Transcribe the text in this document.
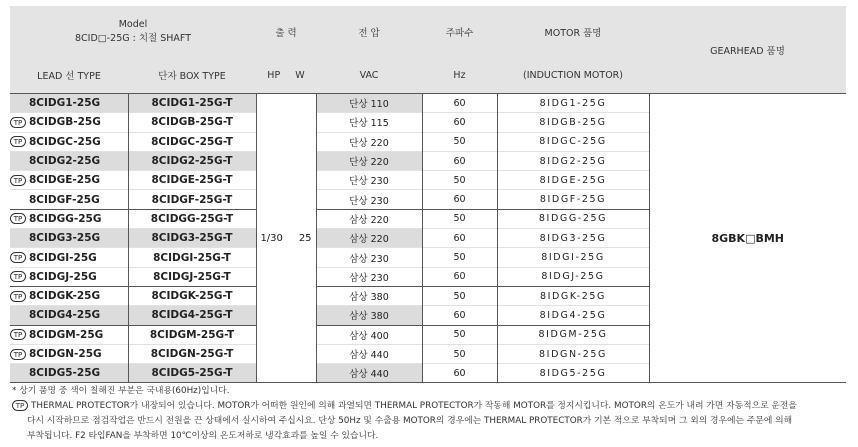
Model
8CID□-25G : 치절 SHAFT		출 력	전 압	주파수	MOTOR 품명	GEARHEAD 품명
LEAD 선 TYPE	단자 BOX TYPE	HP W	VAC	Hz	(INDUCTION MOTOR)	
8CIDG1-25G	8CIDG1-25G-T	1/30 25	단상 110	60	8IDG1-25G	8GBK□BMH
TP 8CIDGB-25G	8CIDGB-25G-T		단상 115	60	8IDGB-25G	
TP 8CIDGC-25G	8CIDGC-25G-T		단상 220	50	8IDGC-25G	
8CIDG2-25G	8CIDG2-25G-T		단상 220	60	8IDG2-25G	
TP 8CIDGE-25G	8CIDGE-25G-T		단상 230	50	8IDGE-25G	
8CIDGF-25G	8CIDGF-25G-T		단상 230	60	8IDGF-25G	
TP 8CIDGG-25G	8CIDGG-25G-T		삼상 220	50	8IDGG-25G	
8CIDG3-25G	8CIDG3-25G-T		삼상 220	60	8IDG3-25G	
TP 8CIDGI-25G	8CIDGI-25G-T		삼상 230	50	8IDGI-25G	
TP 8CIDGJ-25G	8CIDGJ-25G-T		삼상 230	60	8IDGJ-25G	
TP 8CIDGK-25G	8CIDGK-25G-T		삼상 380	50	8IDGK-25G	
8CIDG4-25G	8CIDG4-25G-T		삼상 380	60	8IDG4-25G	
TP 8CIDGM-25G	8CIDGM-25G-T		삼상 400	50	8IDGM-25G	
TP 8CIDGN-25G	8CIDGN-25G-T		삼상 440	50	8IDGN-25G	
8CIDG5-25G	8CIDG5-25G-T		삼상 440	60	8IDG5-25G	

* 상기 품명 중 색이 칠해진 부분은 국내용(60Hz)입니다.

TP THERMAL PROTECTOR가 내장되어 있습니다. MOTOR가 어떠한 원인에 의해 과열되면 THERMAL PROTECTOR가 작동해 MOTOR를 정지시킵니다. MOTOR의 온도가 내려 가면 자동적으로 운전을

다시 시작하므로 점검작업은 반드시 전원을 끈 상태에서 실시하여 주십시요. 단상 50Hz 및 수출용 MOTOR의 경우에는 THERMAL PROTECTOR가 기본 적으로 부착되며 그 외의 경우에는 주문에 의해

부착됩니다. F2 타입FAN을 부착하면 10℃이상의 온도저하로 냉각효과를 높일 수 있습니다.
